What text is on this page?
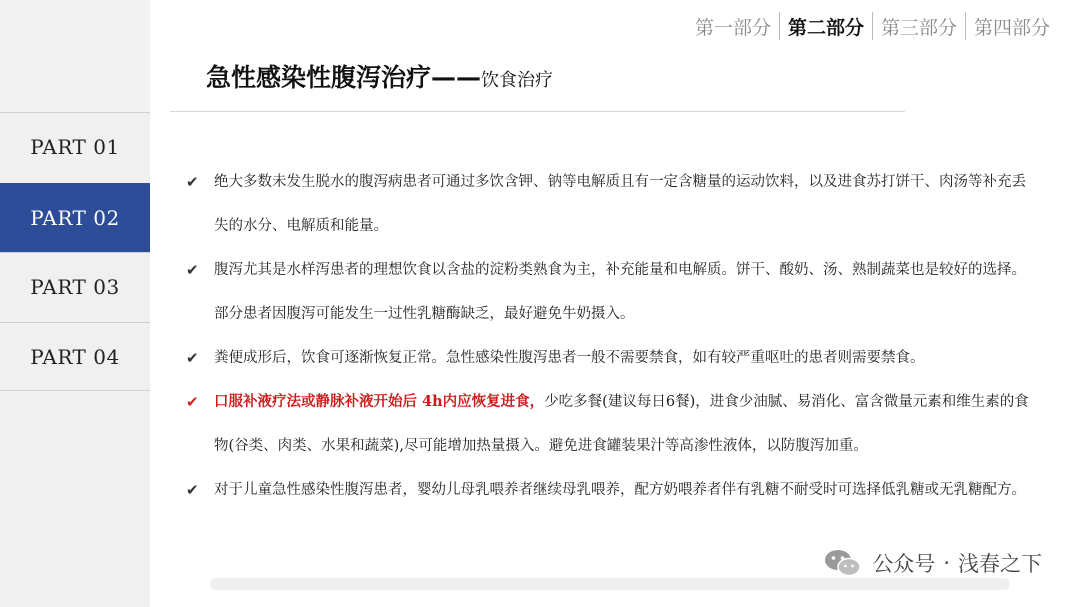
PART 01
PART 02
PART 03
PART 04
第一部分 第二部分 第三部分 第四部分
急性感染性腹泻治疗——饮食治疗
✔ 绝大多数未发生脱水的腹泻病患者可通过多饮含钾、钠等电解质且有一定含糖量的运动饮料，以及进食苏打饼干、肉汤等补充丢失的水分、电解质和能量。
✔ 腹泻尤其是水样泻患者的理想饮食以含盐的淀粉类熟食为主，补充能量和电解质。饼干、酸奶、汤、熟制蔬菜也是较好的选择。部分患者因腹泻可能发生一过性乳糖酶缺乏，最好避免牛奶摄入。
✔ 粪便成形后，饮食可逐渐恢复正常。急性感染性腹泻患者一般不需要禁食，如有较严重呕吐的患者则需要禁食。
✔ 口服补液疗法或静脉补液开始后 4h内应恢复进食，少吃多餐(建议每日6餐)，进食少油腻、易消化、富含微量元素和维生素的食物(谷类、肉类、水果和蔬菜),尽可能增加热量摄入。避免进食罐装果汁等高渗性液体，以防腹泻加重。
✔ 对于儿童急性感染性腹泻患者，婴幼儿母乳喂养者继续母乳喂养，配方奶喂养者伴有乳糖不耐受时可选择低乳糖或无乳糖配方。
公众号 · 浅春之下
